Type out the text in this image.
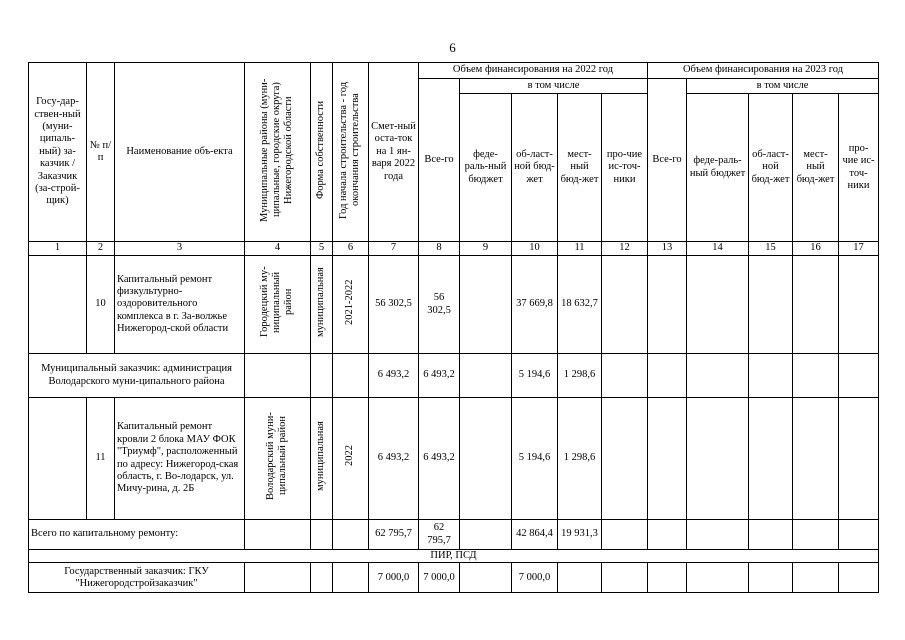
6
Госу-дар-ствен-ный (муни-ципаль-ный) за-казчик / Заказчик (за-строй-щик)	№ п/п	Наименование объ-екта	Муниципальные районы (муни-ципальные, городские округа) Нижегородской области	Форма собственности	Год начала строительства - год окончания строительства	Смет-ный оста-ток на 1 ян-варя 2022 года	Объем финансирования на 2022 год					Объем финансирования на 2023 год				
							Все-го	в том числе				Все-го	в том числе			
								феде-раль-ный бюджет	об-ласт-ной бюд-жет	мест-ный бюд-жет	про-чие ис-точ-ники		феде-раль-ный бюджет	об-ласт-ной бюд-жет	мест-ный бюд-жет	про-чие ис-точ-ники
1	2	3	4	5	6	7	8	9	10	11	12	13	14	15	16	17
	10	Капитальный ремонт физкультурно-оздоровительного комплекса в г. За-волжье Нижегород-ской области	Городецкий му-ниципальный район	муниципальная	2021-2022	56 302,5	56 302,5		37 669,8	18 632,7						
Муниципальный заказчик: администрация Володарского муни-ципального района						6 493,2	6 493,2		5 194,6	1 298,6						
	11	Капитальный ремонт кровли 2 блока МАУ ФОК "Триумф", расположенный по адресу: Нижегород-ская область, г. Во-лодарск, ул. Мичу-рина, д. 2Б	Володарский муни-ципальный район	муниципальная	2022	6 493,2	6 493,2		5 194,6	1 298,6						
Всего по капитальному ремонту:						62 795,7	62 795,7		42 864,4	19 931,3						
ПИР, ПСД																
Государственный заказчик: ГКУ "Нижегородстройзаказчик"						7 000,0	7 000,0		7 000,0							
